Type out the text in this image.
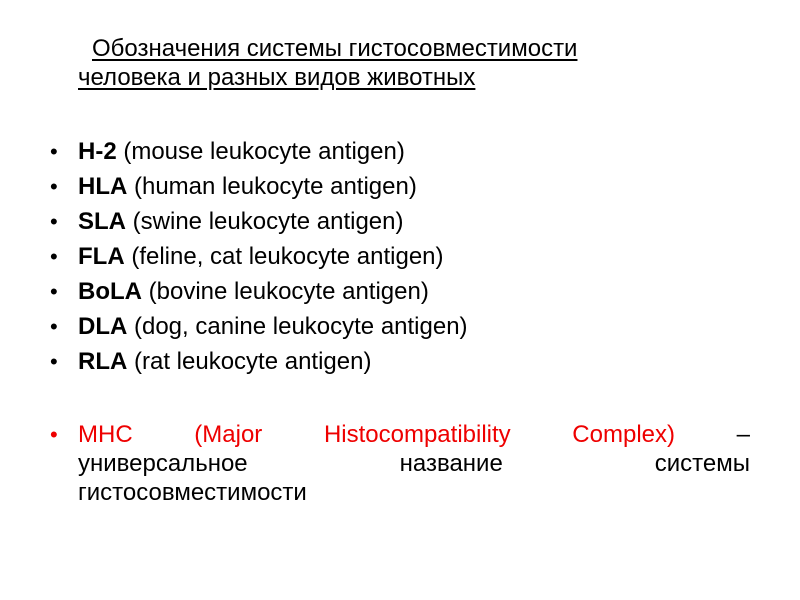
Обозначения системы гистосовместимости
человека и разных видов животных
• H-2 (mouse leukocyte antigen)
• HLA (human leukocyte antigen)
• SLA (swine leukocyte antigen)
• FLA (feline, cat leukocyte antigen)
• BoLA (bovine leukocyte antigen)
• DLA (dog, canine leukocyte antigen)
• RLA (rat leukocyte antigen)
• MHC (Major Histocompatibility Complex) –
универсальное название системы
гистосовместимости
